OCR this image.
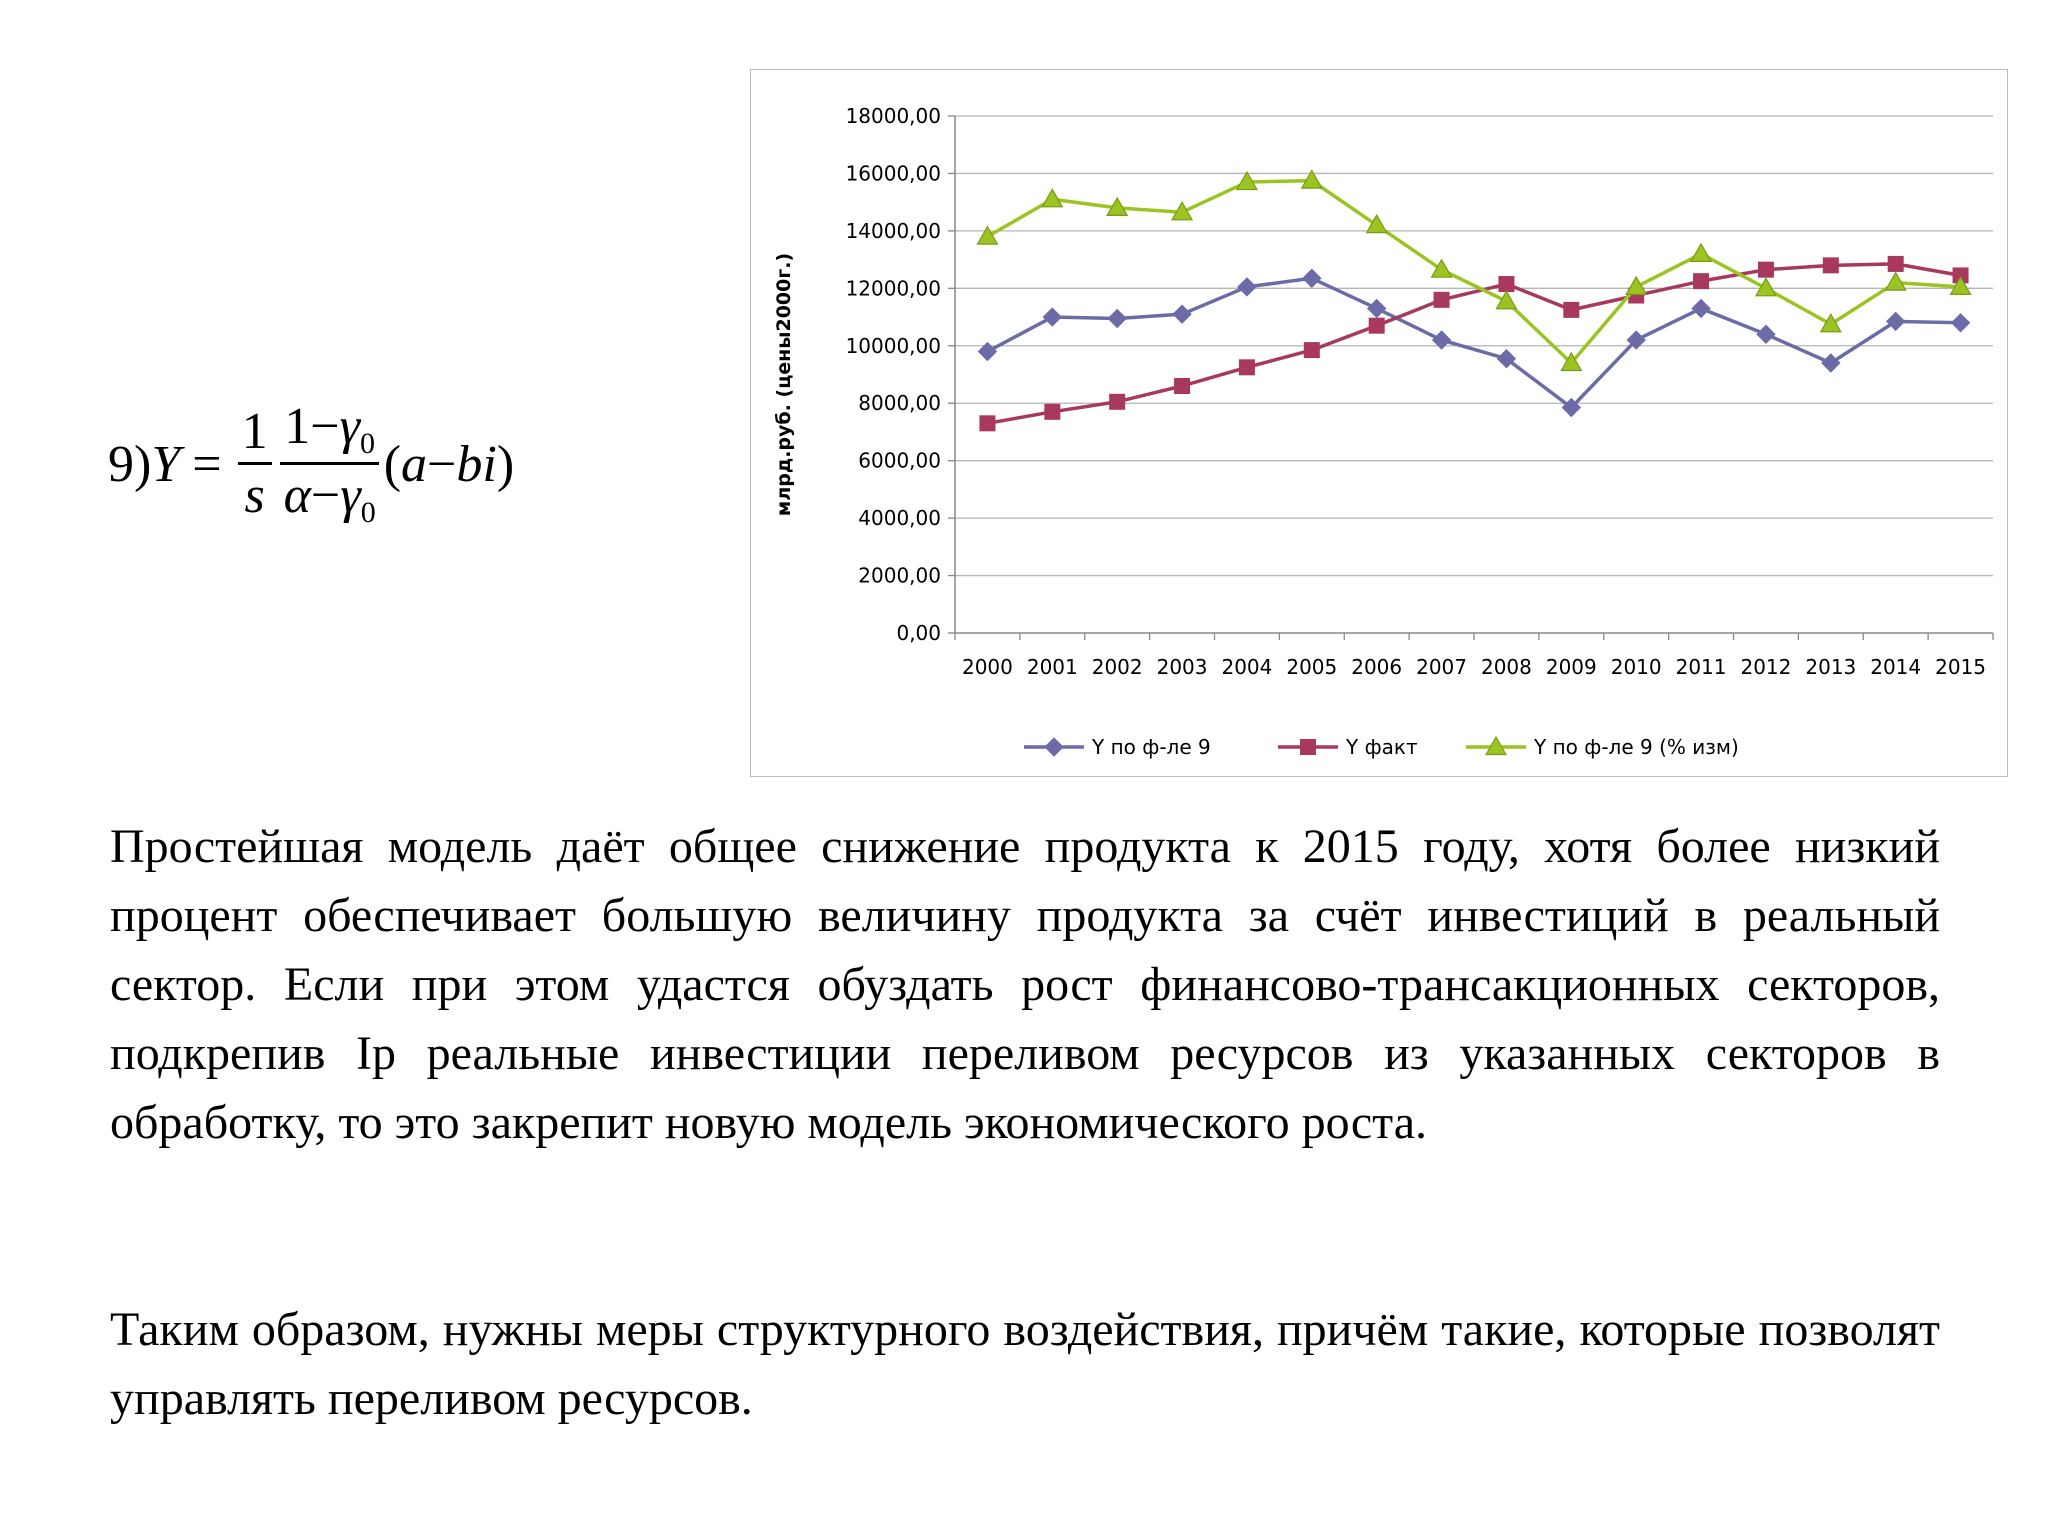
9) $Y = \frac{1}{s} \frac{1-\gamma_0}{\alpha-\gamma_0}$ ( a − bi )
0,00
2000,00
4000,00
6000,00
8000,00
10000,00
12000,00
14000,00
16000,00
18000,00
2000 2001 2002 2003 2004 2005 2006 2007 2008 2009 2010 2011 2012 2013 2014 2015
Y по ф-ле 9	Y факт	Y по ф-ле 9 (% изм)
млрд.руб. (цены2000г.)

Простейшая модель даёт общее снижение продукта к 2015 году, хотя более низкий процент обеспечивает большую величину продукта за счёт инвестиций в реальный сектор. Если при этом удастся обуздать рост финансово-трансакционных секторов, подкрепив Ip реальные инвестиции переливом ресурсов из указанных секторов в обработку, то это закрепит новую модель экономического роста.

Таким образом, нужны меры структурного воздействия, причём такие, которые позволят управлять переливом ресурсов.
